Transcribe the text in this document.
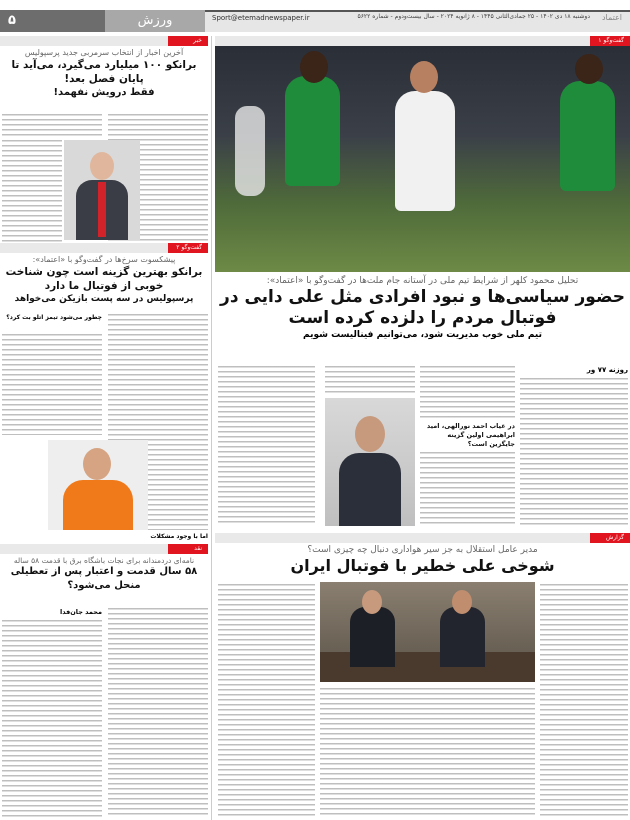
۵	ورزش	Sport@etemadnewspaper.ir	دوشنبه ۱۸ دی ۱۴۰۲ - ۲۵ جمادی‌الثانی ۱۴۴۵ - ۸ ژانویه ۲۰۲۴ - سال بیست‌ودوم - شماره ۵۶۲۲ اعتماد
گفت‌وگو ۱
تحلیل محمود کلهر از شرایط تیم ملی در آستانه جام ملت‌ها در گفت‌وگو با «اعتماد»:
حضور سیاسی‌ها و نبود افرادی مثل علی دایی در فوتبال مردم را دلزده کرده است
تیم ملی خوب مدیریت شود، می‌توانیم فینالیست شویم
روزنه ۷۷ ور
در غیاب احمد نورالهی، امید ابراهیمی اولین گزینه جایگزین است؟
گزارش
مدیر عامل استقلال به جز سیر هواداری دنبال چه چیزی است؟
شوخی علی خطیر با فوتبال ایران
خبر
آخرین اخبار از انتخاب سرمربی جدید پرسپولیس
برانکو ۱۰۰ میلیارد می‌گیرد، می‌آید تا پایان فصل بعد!
فقط درویش نفهمد!
گفت‌وگو ۲
پیشکسوت سرخ‌ها در گفت‌وگو با «اعتماد»:
برانکو بهترین گزینه است چون شناخت خوبی از فوتبال ما دارد
پرسپولیس در سه پست بازیکن می‌خواهد
چطور می‌شود تیمز اتلو بت کرد؟
اما با وجود مشکلات
نقد
نامه‌ای دردمندانه برای نجات باشگاه برق با قدمت ۵۸ ساله
۵۸ سال قدمت و اعتبار پس از تعطیلی منحل می‌شود؟
محمد جان‌فدا
